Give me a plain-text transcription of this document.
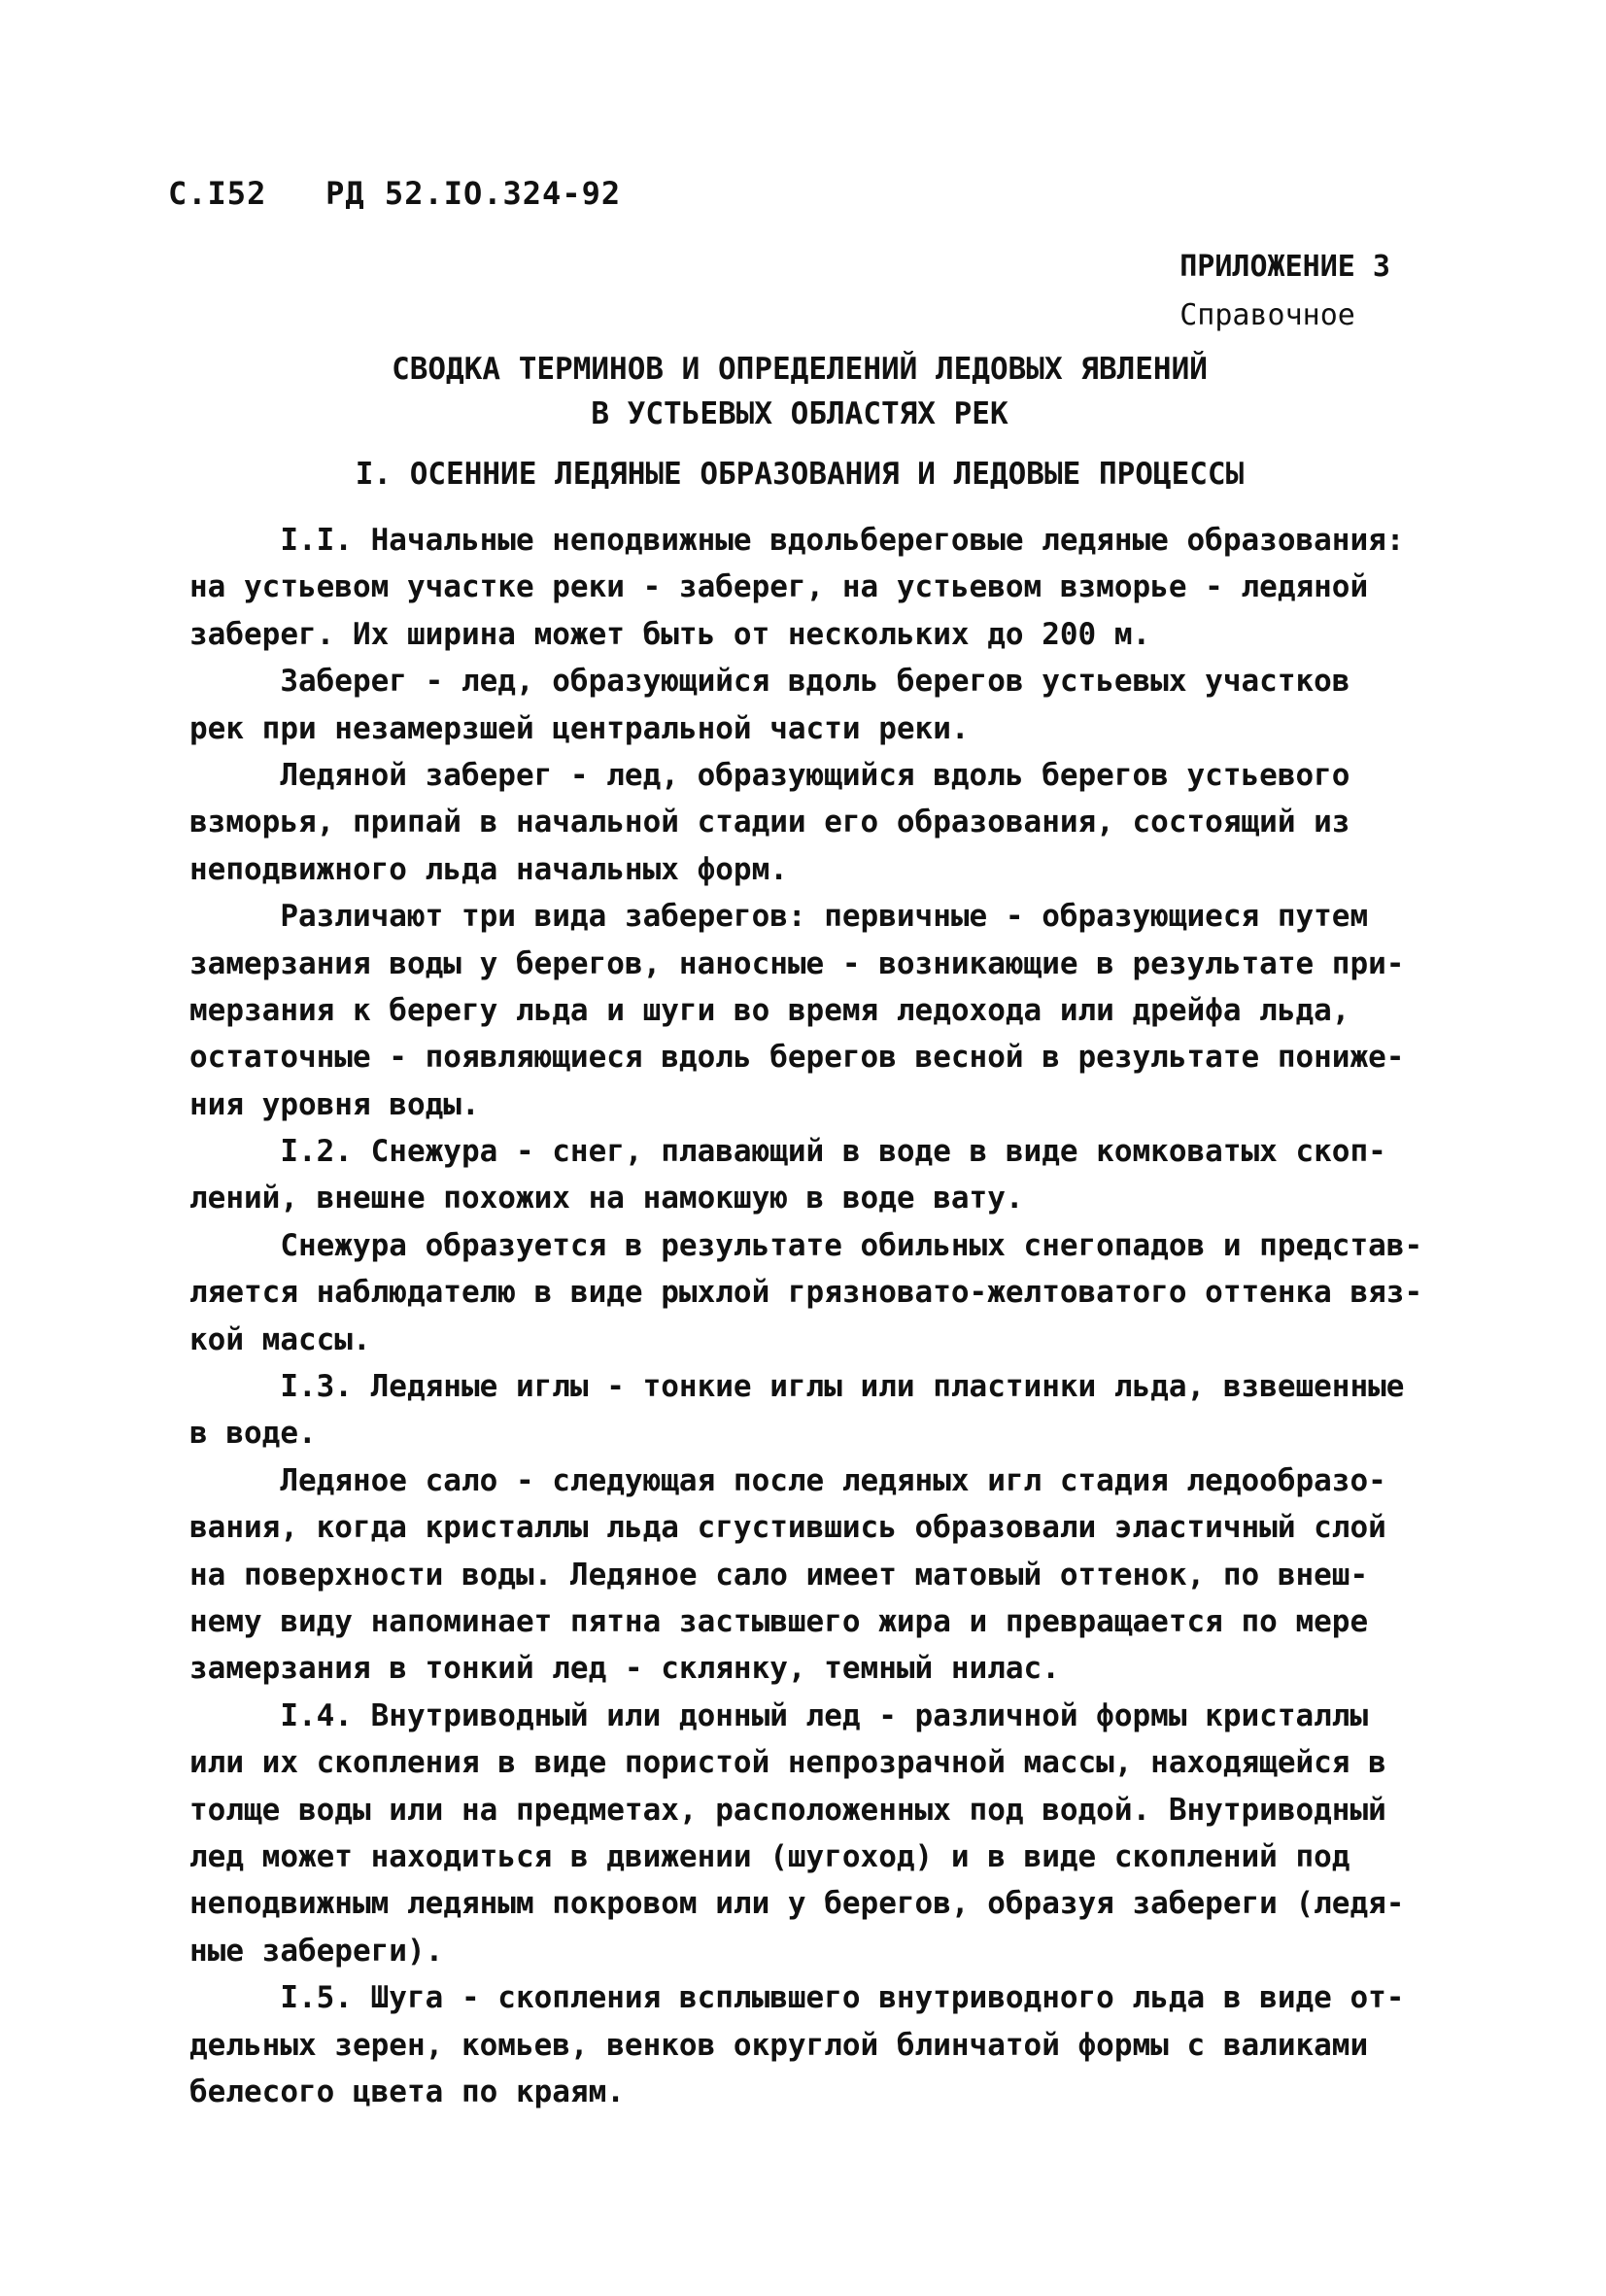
С.I52   РД 52.IO.324-92
ПРИЛОЖЕНИЕ 3
Справочное
СВОДКА ТЕРМИНОВ И ОПРЕДЕЛЕНИЙ ЛЕДОВЫХ ЯВЛЕНИЙ
В УСТЬЕВЫХ ОБЛАСТЯХ РЕК
I. ОСЕННИЕ ЛЕДЯНЫЕ ОБРАЗОВАНИЯ И ЛЕДОВЫЕ ПРОЦЕССЫ
I.I. Начальные неподвижные вдольбереговые ледяные образования:
на устьевом участке реки - заберег, на устьевом взморье - ледяной
заберег. Их ширина может быть от нескольких до 200 м.
Заберег - лед, образующийся вдоль берегов устьевых участков
рек при незамерзшей центральной части реки.
Ледяной заберег - лед, образующийся вдоль берегов устьевого
взморья, припай в начальной стадии его образования, состоящий из
неподвижного льда начальных форм.
Различают три вида заберегов: первичные - образующиеся путем
замерзания воды у берегов, наносные - возникающие в результате при-
мерзания к берегу льда и шуги во время ледохода или дрейфа льда,
остаточные - появляющиеся вдоль берегов весной в результате пониже-
ния уровня воды.
I.2. Снежура - снег, плавающий в воде в виде комковатых скоп-
лений, внешне похожих на намокшую в воде вату.
Снежура образуется в результате обильных снегопадов и представ-
ляется наблюдателю в виде рыхлой грязновато-желтоватого оттенка вяз-
кой массы.
I.3. Ледяные иглы - тонкие иглы или пластинки льда, взвешенные
в воде.
Ледяное сало - следующая после ледяных игл стадия ледообразо-
вания, когда кристаллы льда сгустившись образовали эластичный слой
на поверхности воды. Ледяное сало имеет матовый оттенок, по внеш-
нему виду напоминает пятна застывшего жира и превращается по мере
замерзания в тонкий лед - склянку, темный нилас.
I.4. Внутриводный или донный лед - различной формы кристаллы
или их скопления в виде пористой непрозрачной массы, находящейся в
толще воды или на предметах, расположенных под водой. Внутриводный
лед может находиться в движении (шугоход) и в виде скоплений под
неподвижным ледяным покровом или у берегов, образуя забереги (ледя-
ные забереги).
I.5. Шуга - скопления всплывшего внутриводного льда в виде от-
дельных зерен, комьев, венков округлой блинчатой формы с валиками
белесого цвета по краям.
